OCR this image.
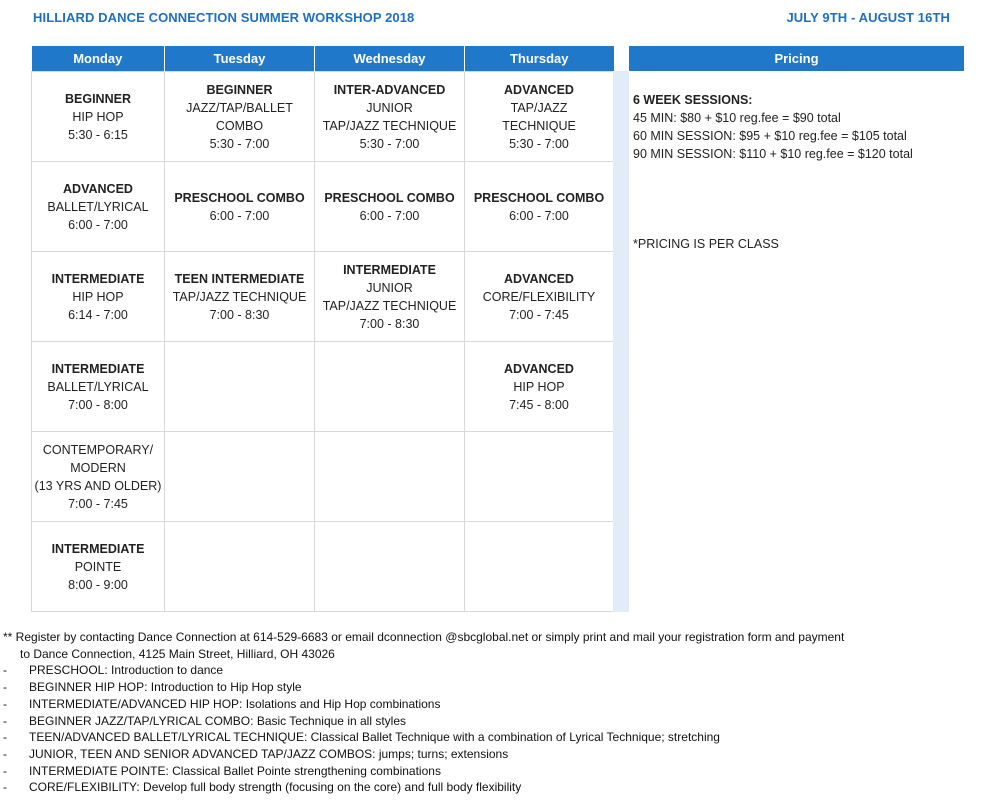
HILLIARD DANCE CONNECTION SUMMER WORKSHOP 2018	JULY 9TH - AUGUST 16TH
Monday	Tuesday	Wednesday	Thursday

BEGINNER
HIP HOP
5:30 - 6:15	BEGINNER
JAZZ/TAP/BALLET
COMBO
5:30 - 7:00	INTER-ADVANCED
JUNIOR
TAP/JAZZ TECHNIQUE
5:30 - 7:00	ADVANCED
TAP/JAZZ
TECHNIQUE
5:30 - 7:00

ADVANCED
BALLET/LYRICAL
6:00 - 7:00	PRESCHOOL COMBO
6:00 - 7:00	PRESCHOOL COMBO
6:00 - 7:00	PRESCHOOL COMBO
6:00 - 7:00

INTERMEDIATE
HIP HOP
6:14 - 7:00	TEEN INTERMEDIATE
TAP/JAZZ TECHNIQUE
7:00 - 8:30	INTERMEDIATE
JUNIOR
TAP/JAZZ TECHNIQUE
7:00 - 8:30	ADVANCED
CORE/FLEXIBILITY
7:00 - 7:45

INTERMEDIATE
BALLET/LYRICAL
7:00 - 8:00			ADVANCED
HIP HOP
7:45 - 8:00

CONTEMPORARY/
MODERN
(13 YRS AND OLDER)
7:00 - 7:45			

INTERMEDIATE
POINTE
8:00 - 9:00			

Pricing
6 WEEK SESSIONS:
45 MIN: $80 + $10 reg.fee = $90 total
60 MIN SESSION: $95 + $10 reg.fee = $105 total
90 MIN SESSION: $110 + $10 reg.fee = $120 total
*PRICING IS PER CLASS
** Register by contacting Dance Connection at 614-529-6683 or email dconnection @sbcglobal.net or simply print and mail your registration form and payment
to Dance Connection, 4125 Main Street, Hilliard, OH 43026
-	PRESCHOOL: Introduction to dance
-	BEGINNER HIP HOP: Introduction to Hip Hop style
-	INTERMEDIATE/ADVANCED HIP HOP: Isolations and Hip Hop combinations
-	BEGINNER JAZZ/TAP/LYRICAL COMBO: Basic Technique in all styles
-	TEEN/ADVANCED BALLET/LYRICAL TECHNIQUE: Classical Ballet Technique with a combination of Lyrical Technique; stretching
-	JUNIOR, TEEN AND SENIOR ADVANCED TAP/JAZZ COMBOS: jumps; turns; extensions
-	INTERMEDIATE POINTE: Classical Ballet Pointe strengthening combinations
-	CORE/FLEXIBILITY: Develop full body strength (focusing on the core) and full body flexibility
